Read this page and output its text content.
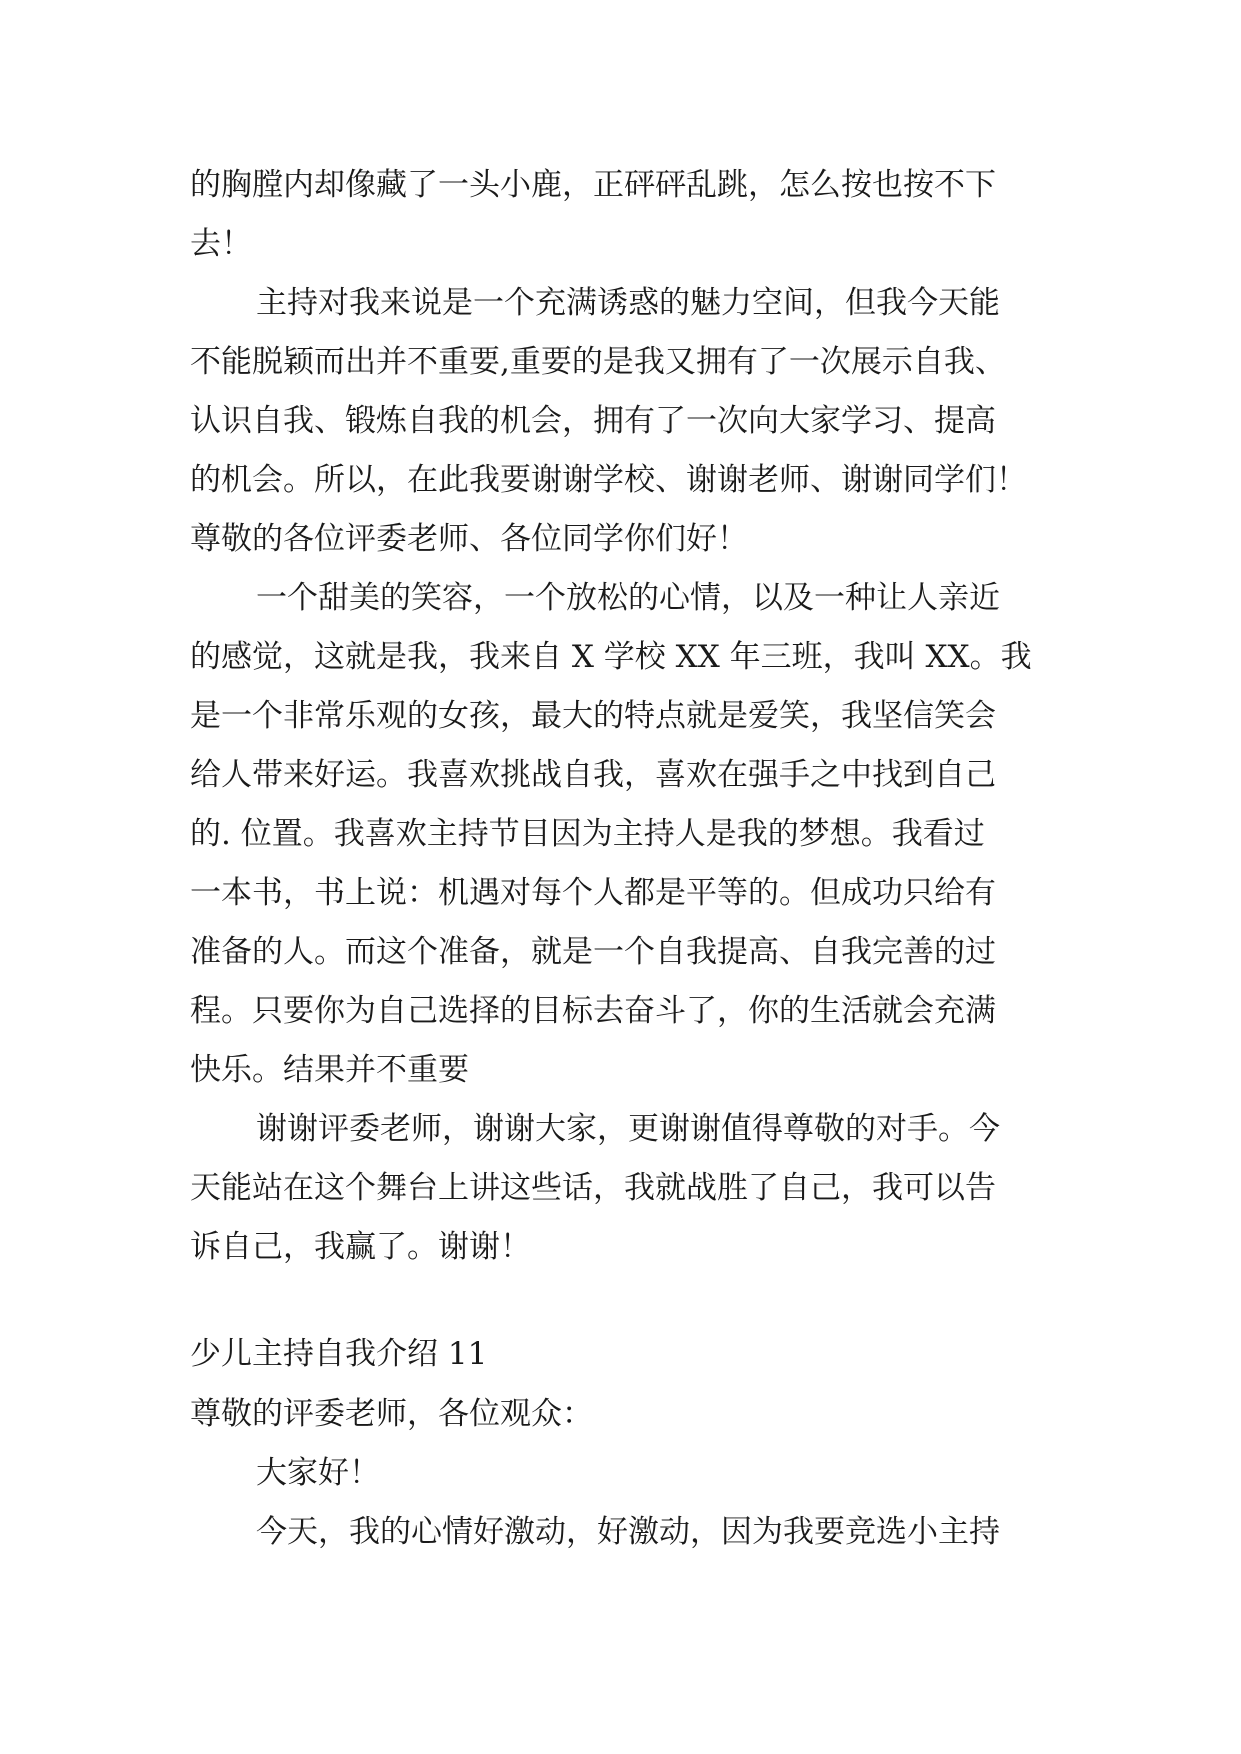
的胸膛内却像藏了一头小鹿，正砰砰乱跳，怎么按也按不下
去！
主持对我来说是一个充满诱惑的魅力空间，但我今天能
不能脱颖而出并不重要,重要的是我又拥有了一次展示自我、
认识自我、锻炼自我的机会，拥有了一次向大家学习、提高
的机会。所以，在此我要谢谢学校、谢谢老师、谢谢同学们！
尊敬的各位评委老师、各位同学你们好！
一个甜美的笑容，一个放松的心情，以及一种让人亲近
的感觉，这就是我，我来自 X 学校 XX 年三班，我叫 XX。我
是一个非常乐观的女孩，最大的特点就是爱笑，我坚信笑会
给人带来好运。我喜欢挑战自我，喜欢在强手之中找到自己
的. 位置。我喜欢主持节目因为主持人是我的梦想。我看过
一本书，书上说：机遇对每个人都是平等的。但成功只给有
准备的人。而这个准备，就是一个自我提高、自我完善的过
程。只要你为自己选择的目标去奋斗了，你的生活就会充满
快乐。结果并不重要
谢谢评委老师，谢谢大家，更谢谢值得尊敬的对手。今
天能站在这个舞台上讲这些话，我就战胜了自己，我可以告
诉自己，我赢了。谢谢！
少儿主持自我介绍 11
尊敬的评委老师，各位观众：
大家好！
今天，我的心情好激动，好激动，因为我要竞选小主持
